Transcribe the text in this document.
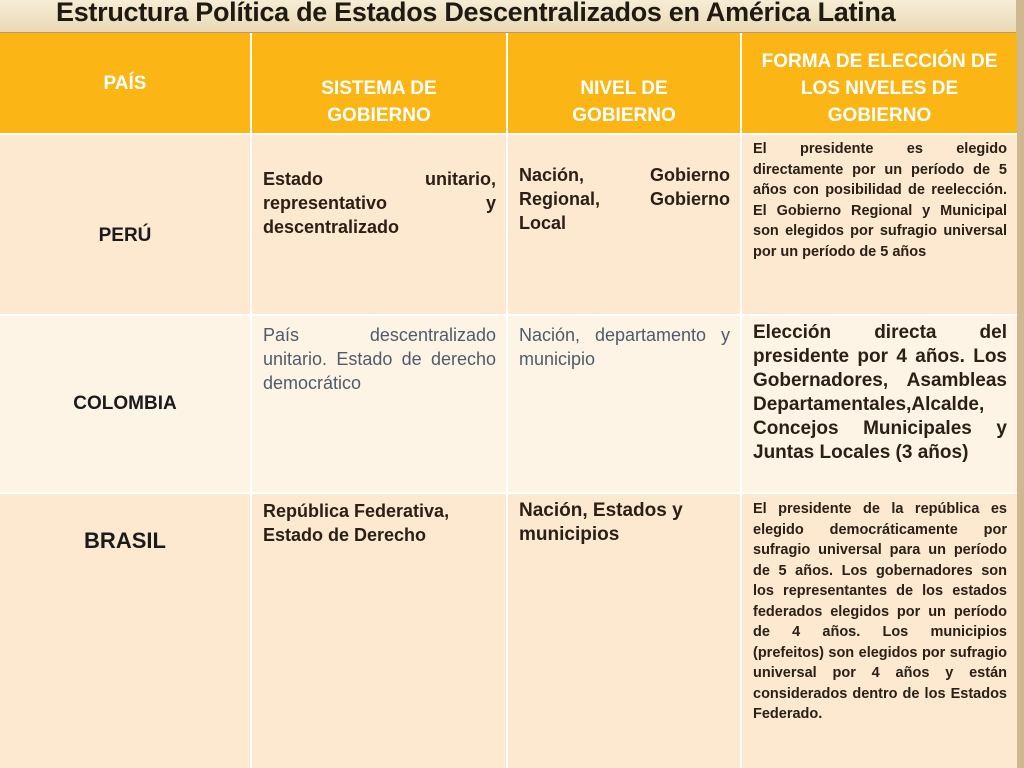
Estructura Política de Estados Descentralizados en América Latina
PAÍS	SISTEMA DE GOBIERNO
NIVEL DE GOBIERNO
FORMA DE ELECCIÓN DE LOS NIVELES DE GOBIERNO
PERÚ
Estado unitario, representativo y descentralizado
Nación, Gobierno Regional, Gobierno Local
El presidente es elegido directamente por un período de 5 años con posibilidad de reelección. El Gobierno Regional y Municipal son elegidos por sufragio universal por un período de 5 años
COLOMBIA
País descentralizado unitario. Estado de derecho democrático
Nación, departamento y municipio
Elección directa del presidente por 4 años. Los Gobernadores, Asambleas Departamentales,Alcalde, Concejos Municipales y Juntas Locales (3 años)
BRASIL
República Federativa, Estado de Derecho
Nación, Estados y municipios
El presidente de la república es elegido democráticamente por sufragio universal para un período de 5 años. Los gobernadores son los representantes de los estados federados elegidos por un período de 4 años. Los municipios (prefeitos) son elegidos por sufragio universal por 4 años y están considerados dentro de los Estados Federado.
